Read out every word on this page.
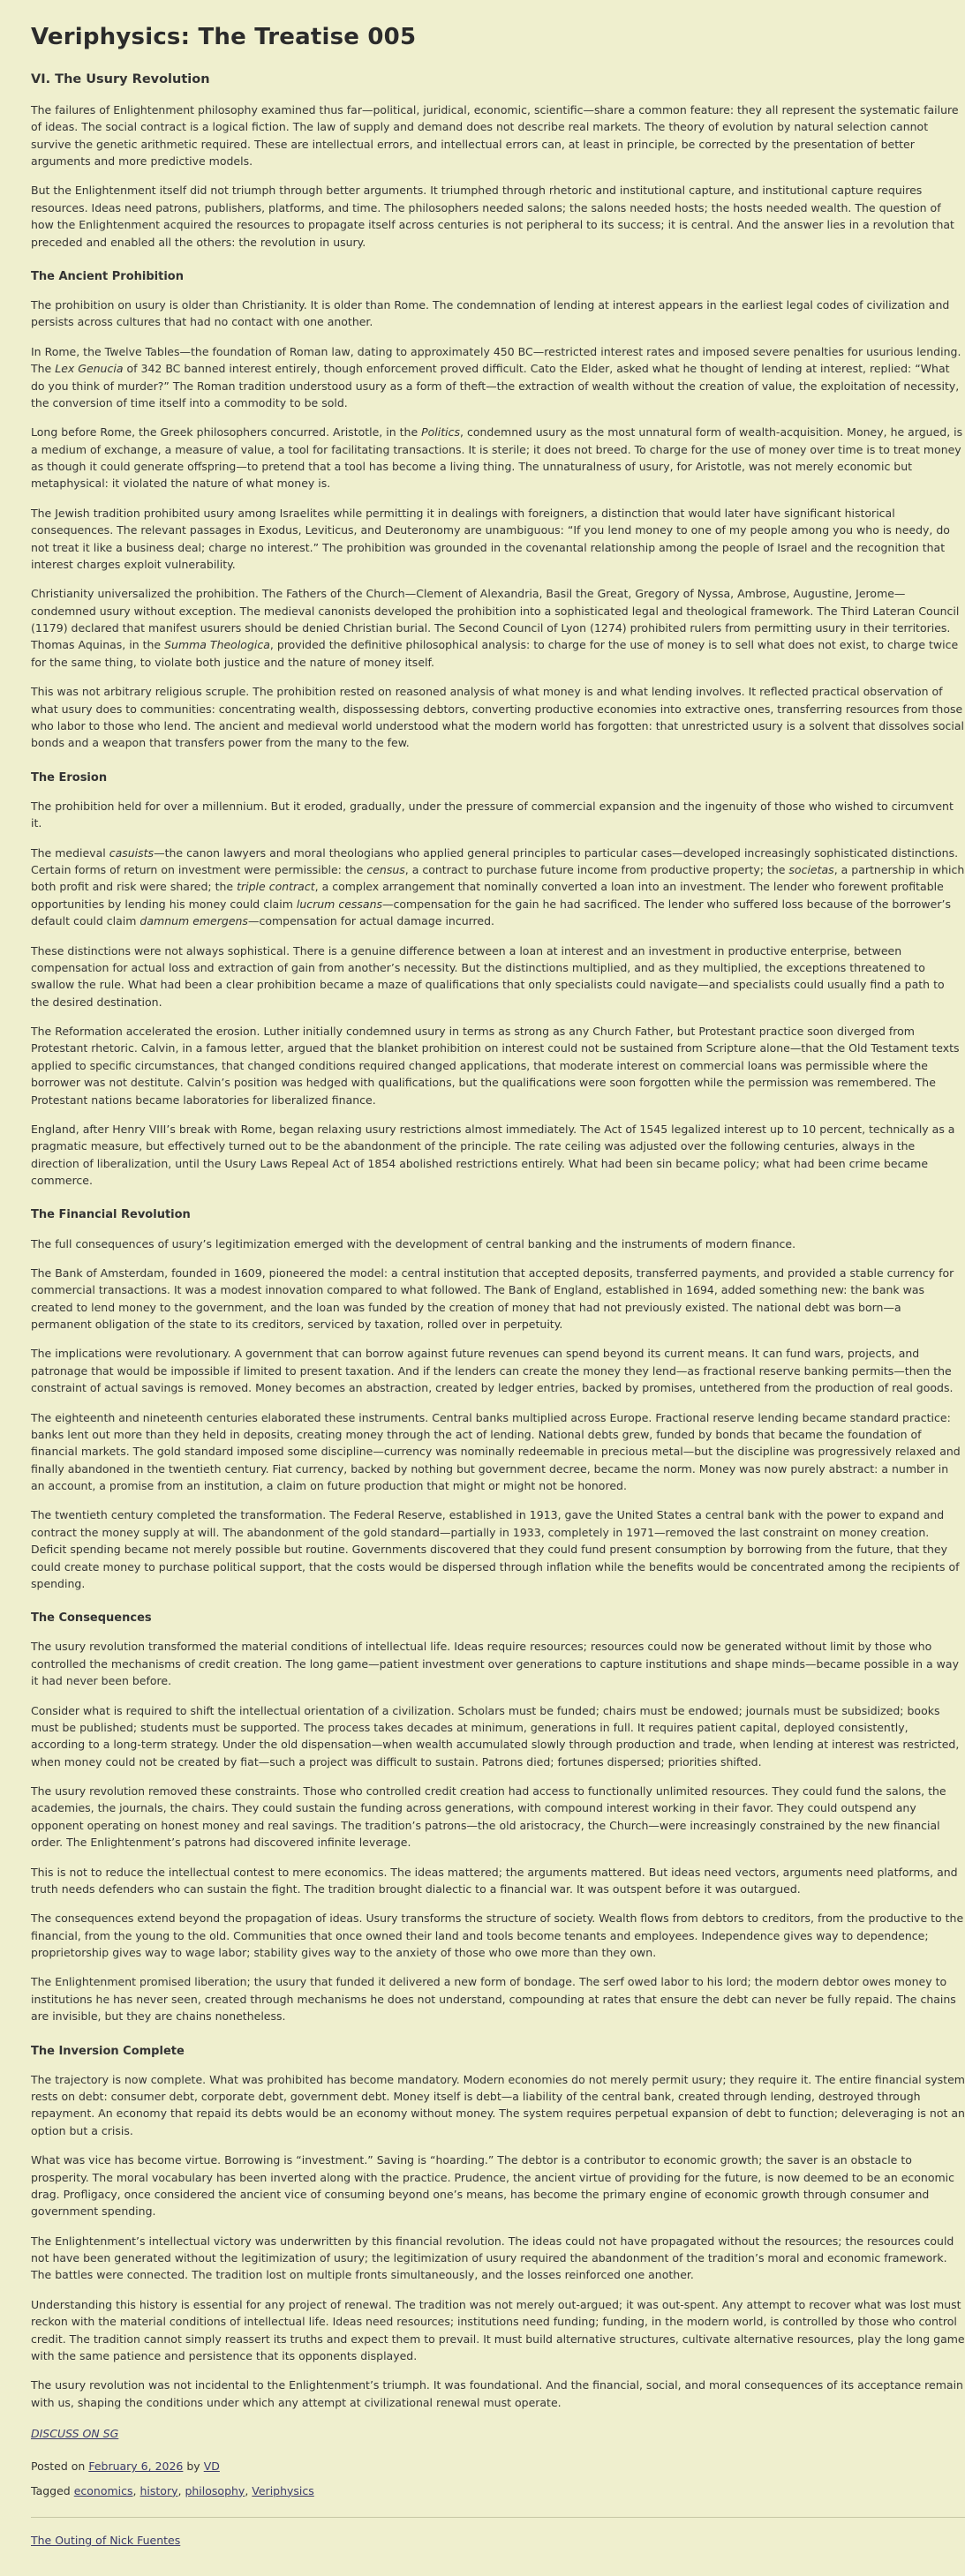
Veriphysics: The Treatise 005
VI. The Usury Revolution

The failures of Enlightenment philosophy examined thus far—political, juridical, economic, scientific—share a common feature: they all represent the systematic failure of ideas. The social contract is a logical fiction. The law of supply and demand does not describe real markets. The theory of evolution by natural selection cannot survive the genetic arithmetic required. These are intellectual errors, and intellectual errors can, at least in principle, be corrected by the presentation of better arguments and more predictive models.

But the Enlightenment itself did not triumph through better arguments. It triumphed through rhetoric and institutional capture, and institutional capture requires resources. Ideas need patrons, publishers, platforms, and time. The philosophers needed salons; the salons needed hosts; the hosts needed wealth. The question of how the Enlightenment acquired the resources to propagate itself across centuries is not peripheral to its success; it is central. And the answer lies in a revolution that preceded and enabled all the others: the revolution in usury.

The Ancient Prohibition

The prohibition on usury is older than Christianity. It is older than Rome. The condemnation of lending at interest appears in the earliest legal codes of civilization and persists across cultures that had no contact with one another.

In Rome, the Twelve Tables—the foundation of Roman law, dating to approximately 450 BC—restricted interest rates and imposed severe penalties for usurious lending. The Lex Genucia of 342 BC banned interest entirely, though enforcement proved difficult. Cato the Elder, asked what he thought of lending at interest, replied: “What do you think of murder?” The Roman tradition understood usury as a form of theft—the extraction of wealth without the creation of value, the exploitation of necessity, the conversion of time itself into a commodity to be sold.

Long before Rome, the Greek philosophers concurred. Aristotle, in the Politics, condemned usury as the most unnatural form of wealth-acquisition. Money, he argued, is a medium of exchange, a measure of value, a tool for facilitating transactions. It is sterile; it does not breed. To charge for the use of money over time is to treat money as though it could generate offspring—to pretend that a tool has become a living thing. The unnaturalness of usury, for Aristotle, was not merely economic but metaphysical: it violated the nature of what money is.

The Jewish tradition prohibited usury among Israelites while permitting it in dealings with foreigners, a distinction that would later have significant historical consequences. The relevant passages in Exodus, Leviticus, and Deuteronomy are unambiguous: “If you lend money to one of my people among you who is needy, do not treat it like a business deal; charge no interest.” The prohibition was grounded in the covenantal relationship among the people of Israel and the recognition that interest charges exploit vulnerability.

Christianity universalized the prohibition. The Fathers of the Church—Clement of Alexandria, Basil the Great, Gregory of Nyssa, Ambrose, Augustine, Jerome—condemned usury without exception. The medieval canonists developed the prohibition into a sophisticated legal and theological framework. The Third Lateran Council (1179) declared that manifest usurers should be denied Christian burial. The Second Council of Lyon (1274) prohibited rulers from permitting usury in their territories. Thomas Aquinas, in the Summa Theologica, provided the definitive philosophical analysis: to charge for the use of money is to sell what does not exist, to charge twice for the same thing, to violate both justice and the nature of money itself.

This was not arbitrary religious scruple. The prohibition rested on reasoned analysis of what money is and what lending involves. It reflected practical observation of what usury does to communities: concentrating wealth, dispossessing debtors, converting productive economies into extractive ones, transferring resources from those who labor to those who lend. The ancient and medieval world understood what the modern world has forgotten: that unrestricted usury is a solvent that dissolves social bonds and a weapon that transfers power from the many to the few.

The Erosion

The prohibition held for over a millennium. But it eroded, gradually, under the pressure of commercial expansion and the ingenuity of those who wished to circumvent it.

The medieval casuists—the canon lawyers and moral theologians who applied general principles to particular cases—developed increasingly sophisticated distinctions. Certain forms of return on investment were permissible: the census, a contract to purchase future income from productive property; the societas, a partnership in which both profit and risk were shared; the triple contract, a complex arrangement that nominally converted a loan into an investment. The lender who forewent profitable opportunities by lending his money could claim lucrum cessans—compensation for the gain he had sacrificed. The lender who suffered loss because of the borrower’s default could claim damnum emergens—compensation for actual damage incurred.

These distinctions were not always sophistical. There is a genuine difference between a loan at interest and an investment in productive enterprise, between compensation for actual loss and extraction of gain from another’s necessity. But the distinctions multiplied, and as they multiplied, the exceptions threatened to swallow the rule. What had been a clear prohibition became a maze of qualifications that only specialists could navigate—and specialists could usually find a path to the desired destination.

The Reformation accelerated the erosion. Luther initially condemned usury in terms as strong as any Church Father, but Protestant practice soon diverged from Protestant rhetoric. Calvin, in a famous letter, argued that the blanket prohibition on interest could not be sustained from Scripture alone—that the Old Testament texts applied to specific circumstances, that changed conditions required changed applications, that moderate interest on commercial loans was permissible where the borrower was not destitute. Calvin’s position was hedged with qualifications, but the qualifications were soon forgotten while the permission was remembered. The Protestant nations became laboratories for liberalized finance.

England, after Henry VIII’s break with Rome, began relaxing usury restrictions almost immediately. The Act of 1545 legalized interest up to 10 percent, technically as a pragmatic measure, but effectively turned out to be the abandonment of the principle. The rate ceiling was adjusted over the following centuries, always in the direction of liberalization, until the Usury Laws Repeal Act of 1854 abolished restrictions entirely. What had been sin became policy; what had been crime became commerce.

The Financial Revolution

The full consequences of usury’s legitimization emerged with the development of central banking and the instruments of modern finance.

The Bank of Amsterdam, founded in 1609, pioneered the model: a central institution that accepted deposits, transferred payments, and provided a stable currency for commercial transactions. It was a modest innovation compared to what followed. The Bank of England, established in 1694, added something new: the bank was created to lend money to the government, and the loan was funded by the creation of money that had not previously existed. The national debt was born—a permanent obligation of the state to its creditors, serviced by taxation, rolled over in perpetuity.

The implications were revolutionary. A government that can borrow against future revenues can spend beyond its current means. It can fund wars, projects, and patronage that would be impossible if limited to present taxation. And if the lenders can create the money they lend—as fractional reserve banking permits—then the constraint of actual savings is removed. Money becomes an abstraction, created by ledger entries, backed by promises, untethered from the production of real goods.

The eighteenth and nineteenth centuries elaborated these instruments. Central banks multiplied across Europe. Fractional reserve lending became standard practice: banks lent out more than they held in deposits, creating money through the act of lending. National debts grew, funded by bonds that became the foundation of financial markets. The gold standard imposed some discipline—currency was nominally redeemable in precious metal—but the discipline was progressively relaxed and finally abandoned in the twentieth century. Fiat currency, backed by nothing but government decree, became the norm. Money was now purely abstract: a number in an account, a promise from an institution, a claim on future production that might or might not be honored.

The twentieth century completed the transformation. The Federal Reserve, established in 1913, gave the United States a central bank with the power to expand and contract the money supply at will. The abandonment of the gold standard—partially in 1933, completely in 1971—removed the last constraint on money creation. Deficit spending became not merely possible but routine. Governments discovered that they could fund present consumption by borrowing from the future, that they could create money to purchase political support, that the costs would be dispersed through inflation while the benefits would be concentrated among the recipients of spending.

The Consequences

The usury revolution transformed the material conditions of intellectual life. Ideas require resources; resources could now be generated without limit by those who controlled the mechanisms of credit creation. The long game—patient investment over generations to capture institutions and shape minds—became possible in a way it had never been before.

Consider what is required to shift the intellectual orientation of a civilization. Scholars must be funded; chairs must be endowed; journals must be subsidized; books must be published; students must be supported. The process takes decades at minimum, generations in full. It requires patient capital, deployed consistently, according to a long-term strategy. Under the old dispensation—when wealth accumulated slowly through production and trade, when lending at interest was restricted, when money could not be created by fiat—such a project was difficult to sustain. Patrons died; fortunes dispersed; priorities shifted.

The usury revolution removed these constraints. Those who controlled credit creation had access to functionally unlimited resources. They could fund the salons, the academies, the journals, the chairs. They could sustain the funding across generations, with compound interest working in their favor. They could outspend any opponent operating on honest money and real savings. The tradition’s patrons—the old aristocracy, the Church—were increasingly constrained by the new financial order. The Enlightenment’s patrons had discovered infinite leverage.

This is not to reduce the intellectual contest to mere economics. The ideas mattered; the arguments mattered. But ideas need vectors, arguments need platforms, and truth needs defenders who can sustain the fight. The tradition brought dialectic to a financial war. It was outspent before it was outargued.

The consequences extend beyond the propagation of ideas. Usury transforms the structure of society. Wealth flows from debtors to creditors, from the productive to the financial, from the young to the old. Communities that once owned their land and tools become tenants and employees. Independence gives way to dependence; proprietorship gives way to wage labor; stability gives way to the anxiety of those who owe more than they own.

The Enlightenment promised liberation; the usury that funded it delivered a new form of bondage. The serf owed labor to his lord; the modern debtor owes money to institutions he has never seen, created through mechanisms he does not understand, compounding at rates that ensure the debt can never be fully repaid. The chains are invisible, but they are chains nonetheless.

The Inversion Complete

The trajectory is now complete. What was prohibited has become mandatory. Modern economies do not merely permit usury; they require it. The entire financial system rests on debt: consumer debt, corporate debt, government debt. Money itself is debt—a liability of the central bank, created through lending, destroyed through repayment. An economy that repaid its debts would be an economy without money. The system requires perpetual expansion of debt to function; deleveraging is not an option but a crisis.

What was vice has become virtue. Borrowing is “investment.” Saving is “hoarding.” The debtor is a contributor to economic growth; the saver is an obstacle to prosperity. The moral vocabulary has been inverted along with the practice. Prudence, the ancient virtue of providing for the future, is now deemed to be an economic drag. Profligacy, once considered the ancient vice of consuming beyond one’s means, has become the primary engine of economic growth through consumer and government spending.

The Enlightenment’s intellectual victory was underwritten by this financial revolution. The ideas could not have propagated without the resources; the resources could not have been generated without the legitimization of usury; the legitimization of usury required the abandonment of the tradition’s moral and economic framework. The battles were connected. The tradition lost on multiple fronts simultaneously, and the losses reinforced one another.

Understanding this history is essential for any project of renewal. The tradition was not merely out-argued; it was out-spent. Any attempt to recover what was lost must reckon with the material conditions of intellectual life. Ideas need resources; institutions need funding; funding, in the modern world, is controlled by those who control credit. The tradition cannot simply reassert its truths and expect them to prevail. It must build alternative structures, cultivate alternative resources, play the long game with the same patience and persistence that its opponents displayed.

The usury revolution was not incidental to the Enlightenment’s triumph. It was foundational. And the financial, social, and moral consequences of its acceptance remain with us, shaping the conditions under which any attempt at civilizational renewal must operate.

DISCUSS ON SG

Posted on February 6, 2026 by VD

Tagged economics, history, philosophy, Veriphysics

The Outing of Nick Fuentes
